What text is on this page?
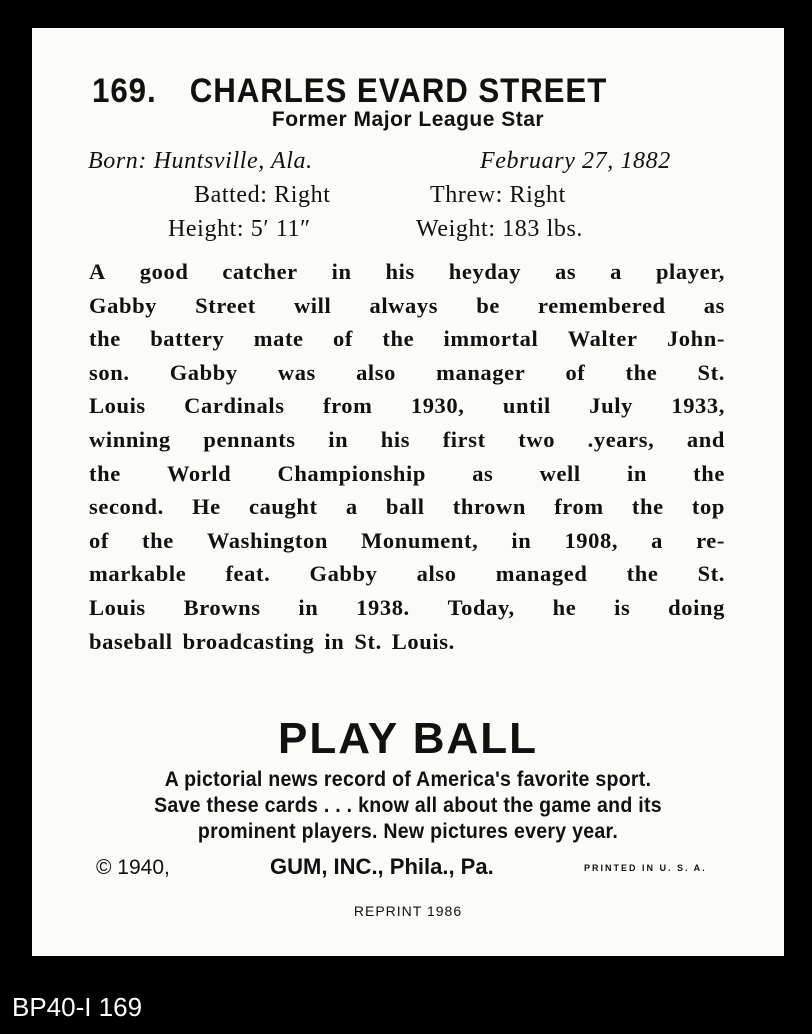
169. CHARLES EVARD STREET
Former Major League Star
Born: Huntsville, Ala.	February 27, 1882
Batted: Right	Threw: Right
Height: 5′ 11″	Weight: 183 lbs.
A good catcher in his heyday as a player,
Gabby Street will always be remembered as
the battery mate of the immortal Walter John-
son. Gabby was also manager of the St.
Louis Cardinals from 1930, until July 1933,
winning pennants in his first two .years, and
the World Championship as well in the
second. He caught a ball thrown from the top
of the Washington Monument, in 1908, a re-
markable feat. Gabby also managed the St.
Louis Browns in 1938. Today, he is doing
baseball broadcasting in St. Louis.
PLAY BALL
A pictorial news record of America's favorite sport.
Save these cards . . . know all about the game and its
prominent players. New pictures every year.
© 1940,	GUM, INC., Phila., Pa.	PRINTED IN U. S. A.
REPRINT 1986
BP40-I 169
